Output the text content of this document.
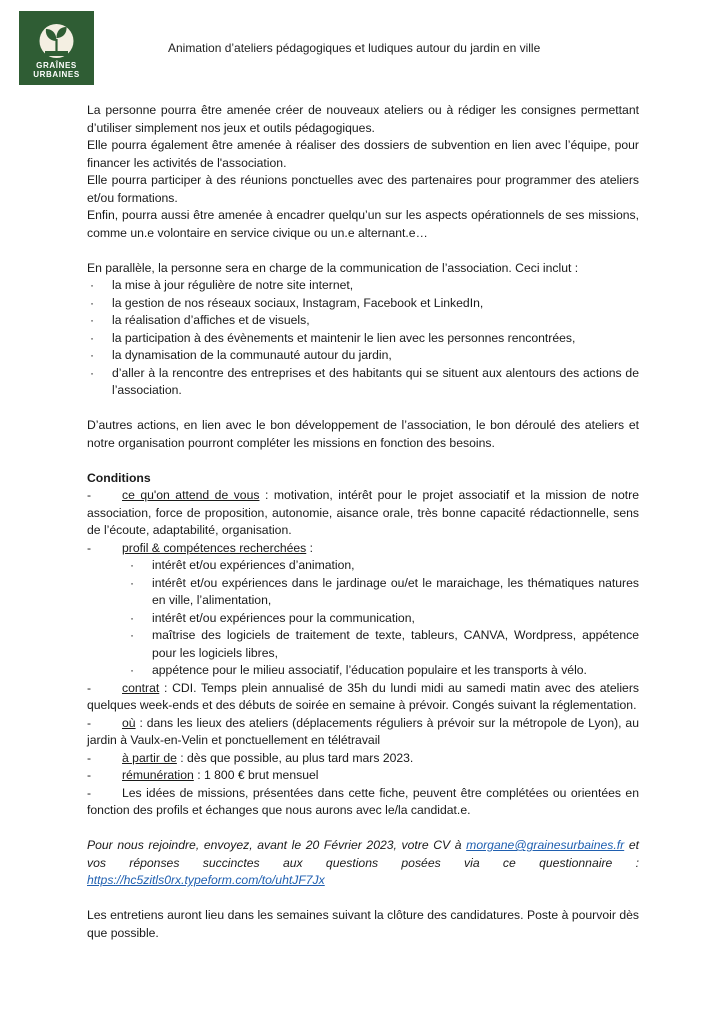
GRAÎNES
URBAINES
Animation d’ateliers pédagogiques et ludiques autour du jardin en ville

La personne pourra être amenée créer de nouveaux ateliers ou à rédiger les consignes permettant d’utiliser simplement nos jeux et outils pédagogiques.

Elle pourra également être amenée à réaliser des dossiers de subvention en lien avec l’équipe, pour financer les activités de l'association.

Elle pourra participer à des réunions ponctuelles avec des partenaires pour programmer des ateliers et/ou formations.

Enfin, pourra aussi être amenée à encadrer quelqu’un sur les aspects opérationnels de ses missions, comme un.e volontaire en service civique ou un.e alternant.e…

En parallèle, la personne sera en charge de la communication de l’association. Ceci inclut :

· la mise à jour régulière de notre site internet,
· la gestion de nos réseaux sociaux, Instagram, Facebook et LinkedIn,
· la réalisation d’affiches et de visuels,
· la participation à des évènements et maintenir le lien avec les personnes rencontrées,
· la dynamisation de la communauté autour du jardin,
· d’aller à la rencontre des entreprises et des habitants qui se situent aux alentours des actions de l’association.

D’autres actions, en lien avec le bon développement de l’association, le bon déroulé des ateliers et notre organisation pourront compléter les missions en fonction des besoins.

Conditions

-	ce qu'on attend de vous : motivation, intérêt pour le projet associatif et la mission de notre association, force de proposition, autonomie, aisance orale, très bonne capacité rédactionnelle, sens de l’écoute, adaptabilité, organisation.

-	profil & compétences recherchées :

· intérêt et/ou expériences d’animation,
· intérêt et/ou expériences dans le jardinage ou/et le maraichage, les thématiques natures en ville, l’alimentation,
· intérêt et/ou expériences pour la communication,
· maîtrise des logiciels de traitement de texte, tableurs, CANVA, Wordpress, appétence pour les logiciels libres,
· appétence pour le milieu associatif, l’éducation populaire et les transports à vélo.

-	contrat : CDI. Temps plein annualisé de 35h du lundi midi au samedi matin avec des ateliers quelques week-ends et des débuts de soirée en semaine à prévoir. Congés suivant la réglementation.

-	où : dans les lieux des ateliers (déplacements réguliers à prévoir sur la métropole de Lyon), au jardin à Vaulx-en-Velin et ponctuellement en télétravail

-	à partir de : dès que possible, au plus tard mars 2023.

-	rémunération : 1 800 € brut mensuel

-	Les idées de missions, présentées dans cette fiche, peuvent être complétées ou orientées en fonction des profils et échanges que nous aurons avec le/la candidat.e.

Pour nous rejoindre, envoyez, avant le 20 Février 2023, votre CV à morgane@grainesurbaines.fr et vos réponses succinctes aux questions posées via ce questionnaire : https://hc5zitls0rx.typeform.com/to/uhtJF7Jx

Les entretiens auront lieu dans les semaines suivant la clôture des candidatures. Poste à pourvoir dès que possible.
